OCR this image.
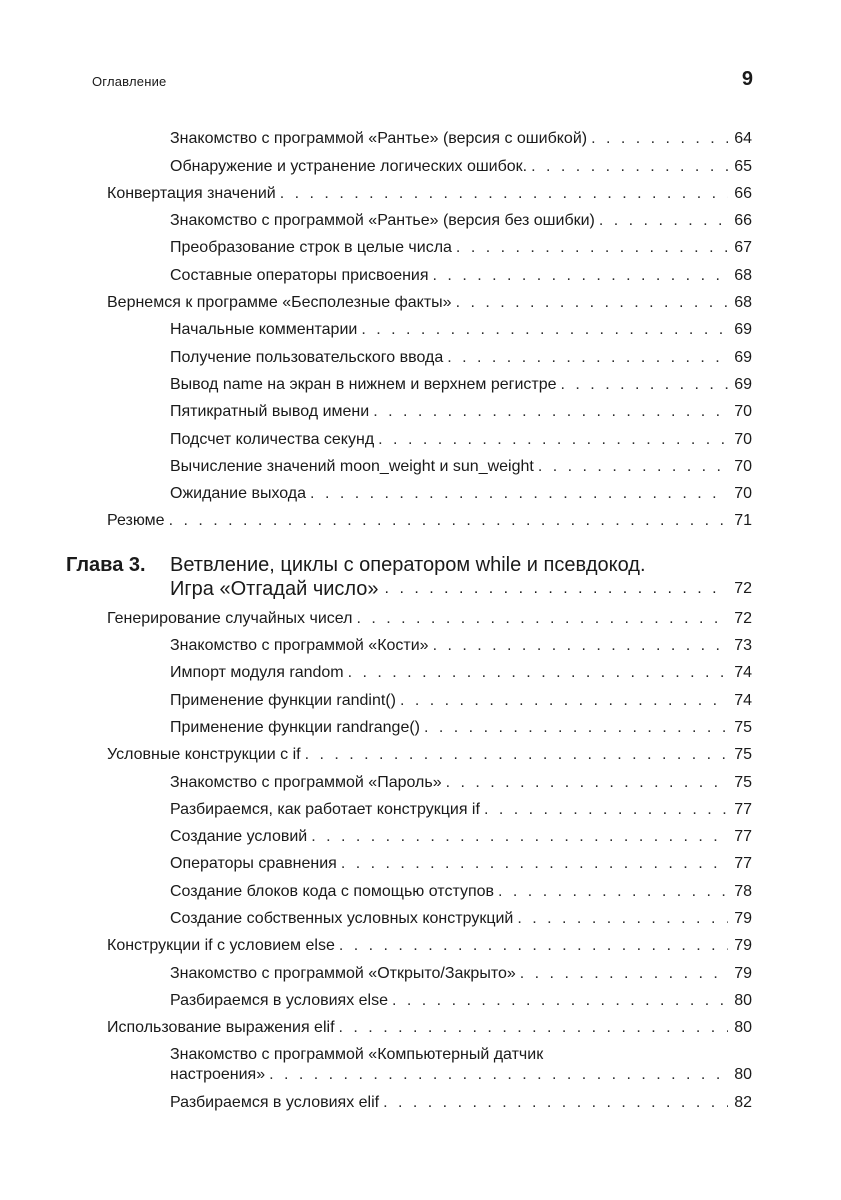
Оглавление	9
Знакомство с программой «Рантье» (версия с ошибкой) . . .	64
Обнаружение и устранение логических ошибок. . . .	65
Конвертация значений . . .	66
Знакомство с программой «Рантье» (версия без ошибки) . . .	66
Преобразование строк в целые числа . . .	67
Составные операторы присвоения . . .	68
Вернемся к программе «Бесполезные факты» . . .	68
Начальные комментарии . . .	69
Получение пользовательского ввода . . .	69
Вывод name на экран в нижнем и верхнем регистре . . .	69
Пятикратный вывод имени . . .	70
Подсчет количества секунд . . .	70
Вычисление значений moon_weight и sun_weight . . .	70
Ожидание выхода . . .	70
Резюме . . .	71
Глава 3.	Ветвление, циклы с оператором while и псевдокод.
Игра «Отгадай число» . . .	72
Генерирование случайных чисел . . .	72
Знакомство с программой «Кости» . . .	73
Импорт модуля random . . .	74
Применение функции randint() . . .	74
Применение функции randrange() . . .	75
Условные конструкции с if . . .	75
Знакомство с программой «Пароль» . . .	75
Разбираемся, как работает конструкция if . . .	77
Создание условий . . .	77
Операторы сравнения . . .	77
Создание блоков кода с помощью отступов . . .	78
Создание собственных условных конструкций . . .	79
Конструкции if с условием else . . .	79
Знакомство с программой «Открыто/Закрыто» . . .	79
Разбираемся в условиях else . . .	80
Использование выражения elif . . .	80
Знакомство с программой «Компьютерный датчик
настроения» . . .	80
Разбираемся в условиях elif . . .	82
